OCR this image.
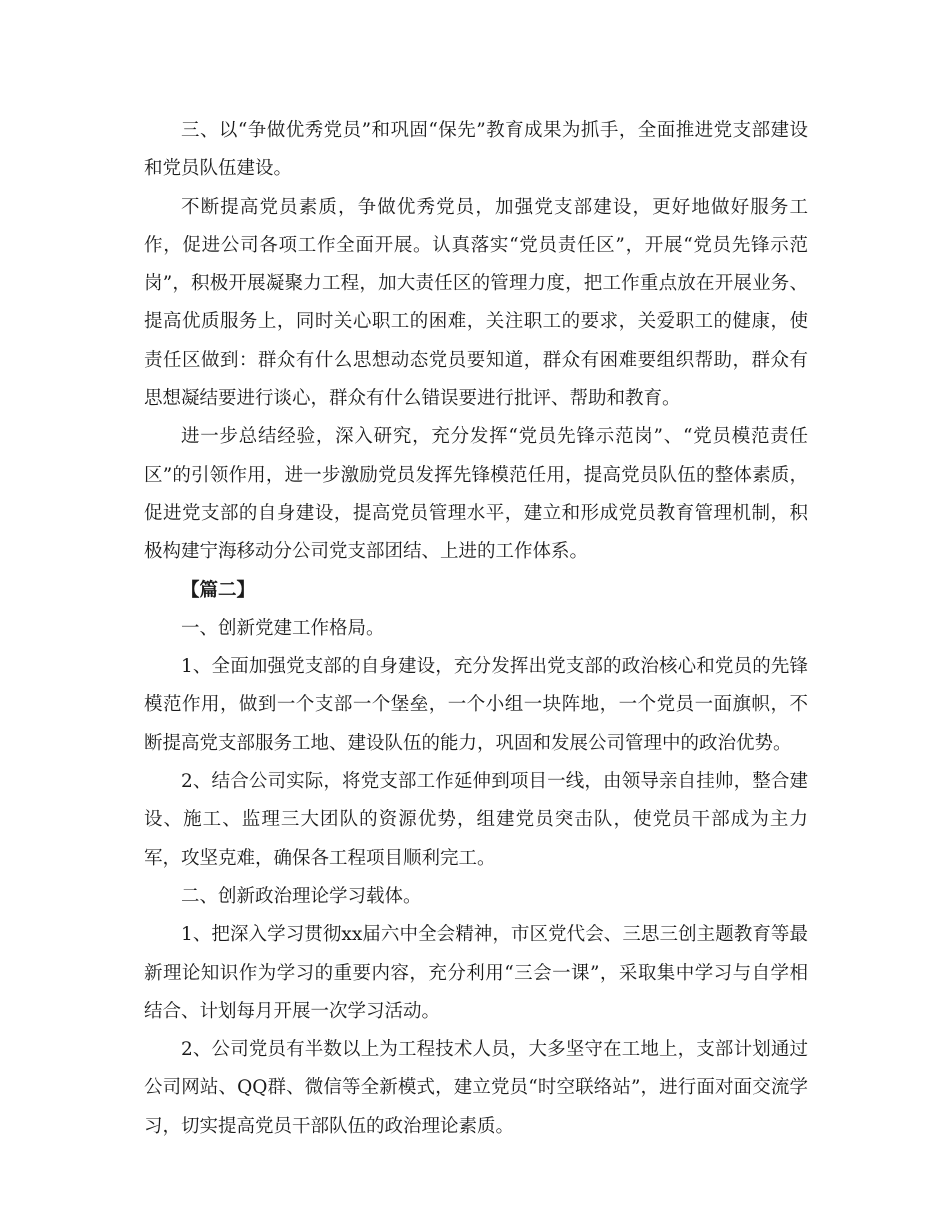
三、以“争做优秀党员”和巩固“保先”教育成果为抓手，全面推进党支部建设和党员队伍建设。

不断提高党员素质，争做优秀党员，加强党支部建设，更好地做好服务工作，促进公司各项工作全面开展。认真落实“党员责任区”，开展“党员先锋示范岗”，积极开展凝聚力工程，加大责任区的管理力度，把工作重点放在开展业务、提高优质服务上，同时关心职工的困难，关注职工的要求，关爱职工的健康，使责任区做到：群众有什么思想动态党员要知道，群众有困难要组织帮助，群众有思想凝结要进行谈心，群众有什么错误要进行批评、帮助和教育。

进一步总结经验，深入研究，充分发挥“党员先锋示范岗”、“党员模范责任区”的引领作用，进一步激励党员发挥先锋模范任用，提高党员队伍的整体素质，促进党支部的自身建设，提高党员管理水平，建立和形成党员教育管理机制，积极构建宁海移动分公司党支部团结、上进的工作体系。

【篇二】

一、创新党建工作格局。

1、全面加强党支部的自身建设，充分发挥出党支部的政治核心和党员的先锋模范作用，做到一个支部一个堡垒，一个小组一块阵地，一个党员一面旗帜，不断提高党支部服务工地、建设队伍的能力，巩固和发展公司管理中的政治优势。

2、结合公司实际，将党支部工作延伸到项目一线，由领导亲自挂帅，整合建设、施工、监理三大团队的资源优势，组建党员突击队，使党员干部成为主力军，攻坚克难，确保各工程项目顺利完工。

二、创新政治理论学习载体。

1、把深入学习贯彻xx届六中全会精神，市区党代会、三思三创主题教育等最新理论知识作为学习的重要内容，充分利用“三会一课”，采取集中学习与自学相结合、计划每月开展一次学习活动。

2、公司党员有半数以上为工程技术人员，大多坚守在工地上，支部计划通过公司网站、QQ群、微信等全新模式，建立党员“时空联络站”，进行面对面交流学习，切实提高党员干部队伍的政治理论素质。
